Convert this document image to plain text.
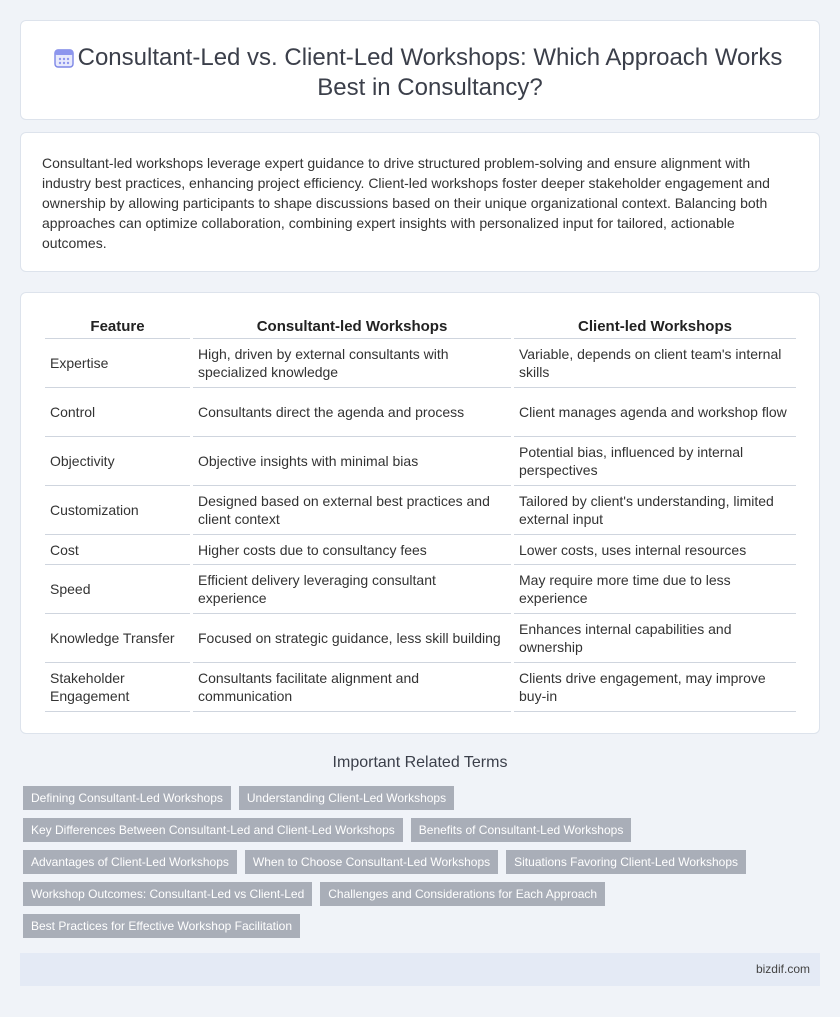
Consultant-Led vs. Client-Led Workshops: Which Approach Works Best in Consultancy?

Consultant-led workshops leverage expert guidance to drive structured problem-solving and ensure alignment with industry best practices, enhancing project efficiency. Client-led workshops foster deeper stakeholder engagement and ownership by allowing participants to shape discussions based on their unique organizational context. Balancing both approaches can optimize collaboration, combining expert insights with personalized input for tailored, actionable outcomes.

Feature	Consultant-led Workshops	Client-led Workshops
Expertise	High, driven by external consultants with specialized knowledge	Variable, depends on client team's internal skills
Control	Consultants direct the agenda and process	Client manages agenda and workshop flow
Objectivity	Objective insights with minimal bias	Potential bias, influenced by internal perspectives
Customization	Designed based on external best practices and client context	Tailored by client's understanding, limited external input
Cost	Higher costs due to consultancy fees	Lower costs, uses internal resources
Speed	Efficient delivery leveraging consultant experience	May require more time due to less experience
Knowledge Transfer	Focused on strategic guidance, less skill building	Enhances internal capabilities and ownership
Stakeholder Engagement	Consultants facilitate alignment and communication	Clients drive engagement, may improve buy-in
Important Related Terms
Defining Consultant-Led Workshops	Understanding Client-Led Workshops
Key Differences Between Consultant-Led and Client-Led Workshops	Benefits of Consultant-Led Workshops
Advantages of Client-Led Workshops	When to Choose Consultant-Led Workshops	Situations Favoring Client-Led Workshops
Workshop Outcomes: Consultant-Led vs Client-Led	Challenges and Considerations for Each Approach
Best Practices for Effective Workshop Facilitation
bizdif.com
